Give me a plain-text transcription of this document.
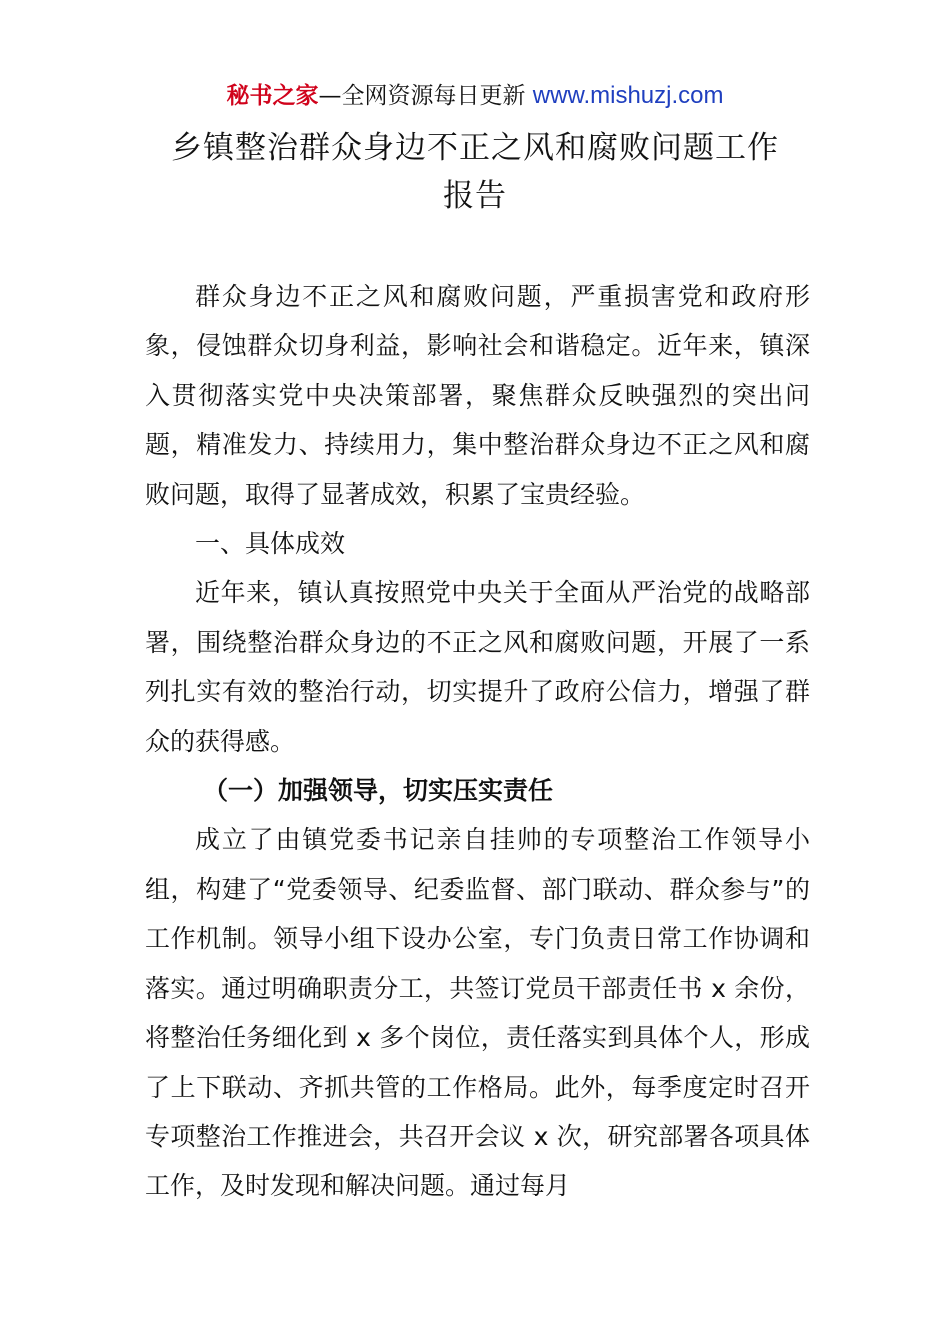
秘书之家—全网资源每日更新 www.mishuzj.com
乡镇整治群众身边不正之风和腐败问题工作
报告

群众身边不正之风和腐败问题，严重损害党和政府形象，侵蚀群众切身利益，影响社会和谐稳定。近年来，镇深入贯彻落实党中央决策部署，聚焦群众反映强烈的突出问题，精准发力、持续用力，集中整治群众身边不正之风和腐败问题，取得了显著成效，积累了宝贵经验。

一、具体成效

近年来，镇认真按照党中央关于全面从严治党的战略部署，围绕整治群众身边的不正之风和腐败问题，开展了一系列扎实有效的整治行动，切实提升了政府公信力，增强了群众的获得感。

（一）加强领导，切实压实责任

成立了由镇党委书记亲自挂帅的专项整治工作领导小组，构建了“党委领导、纪委监督、部门联动、群众参与”的工作机制。领导小组下设办公室，专门负责日常工作协调和落实。通过明确职责分工，共签订党员干部责任书 x 余份，将整治任务细化到 x 多个岗位，责任落实到具体个人，形成了上下联动、齐抓共管的工作格局。此外，每季度定时召开专项整治工作推进会，共召开会议 x 次，研究部署各项具体工作，及时发现和解决问题。通过每月
